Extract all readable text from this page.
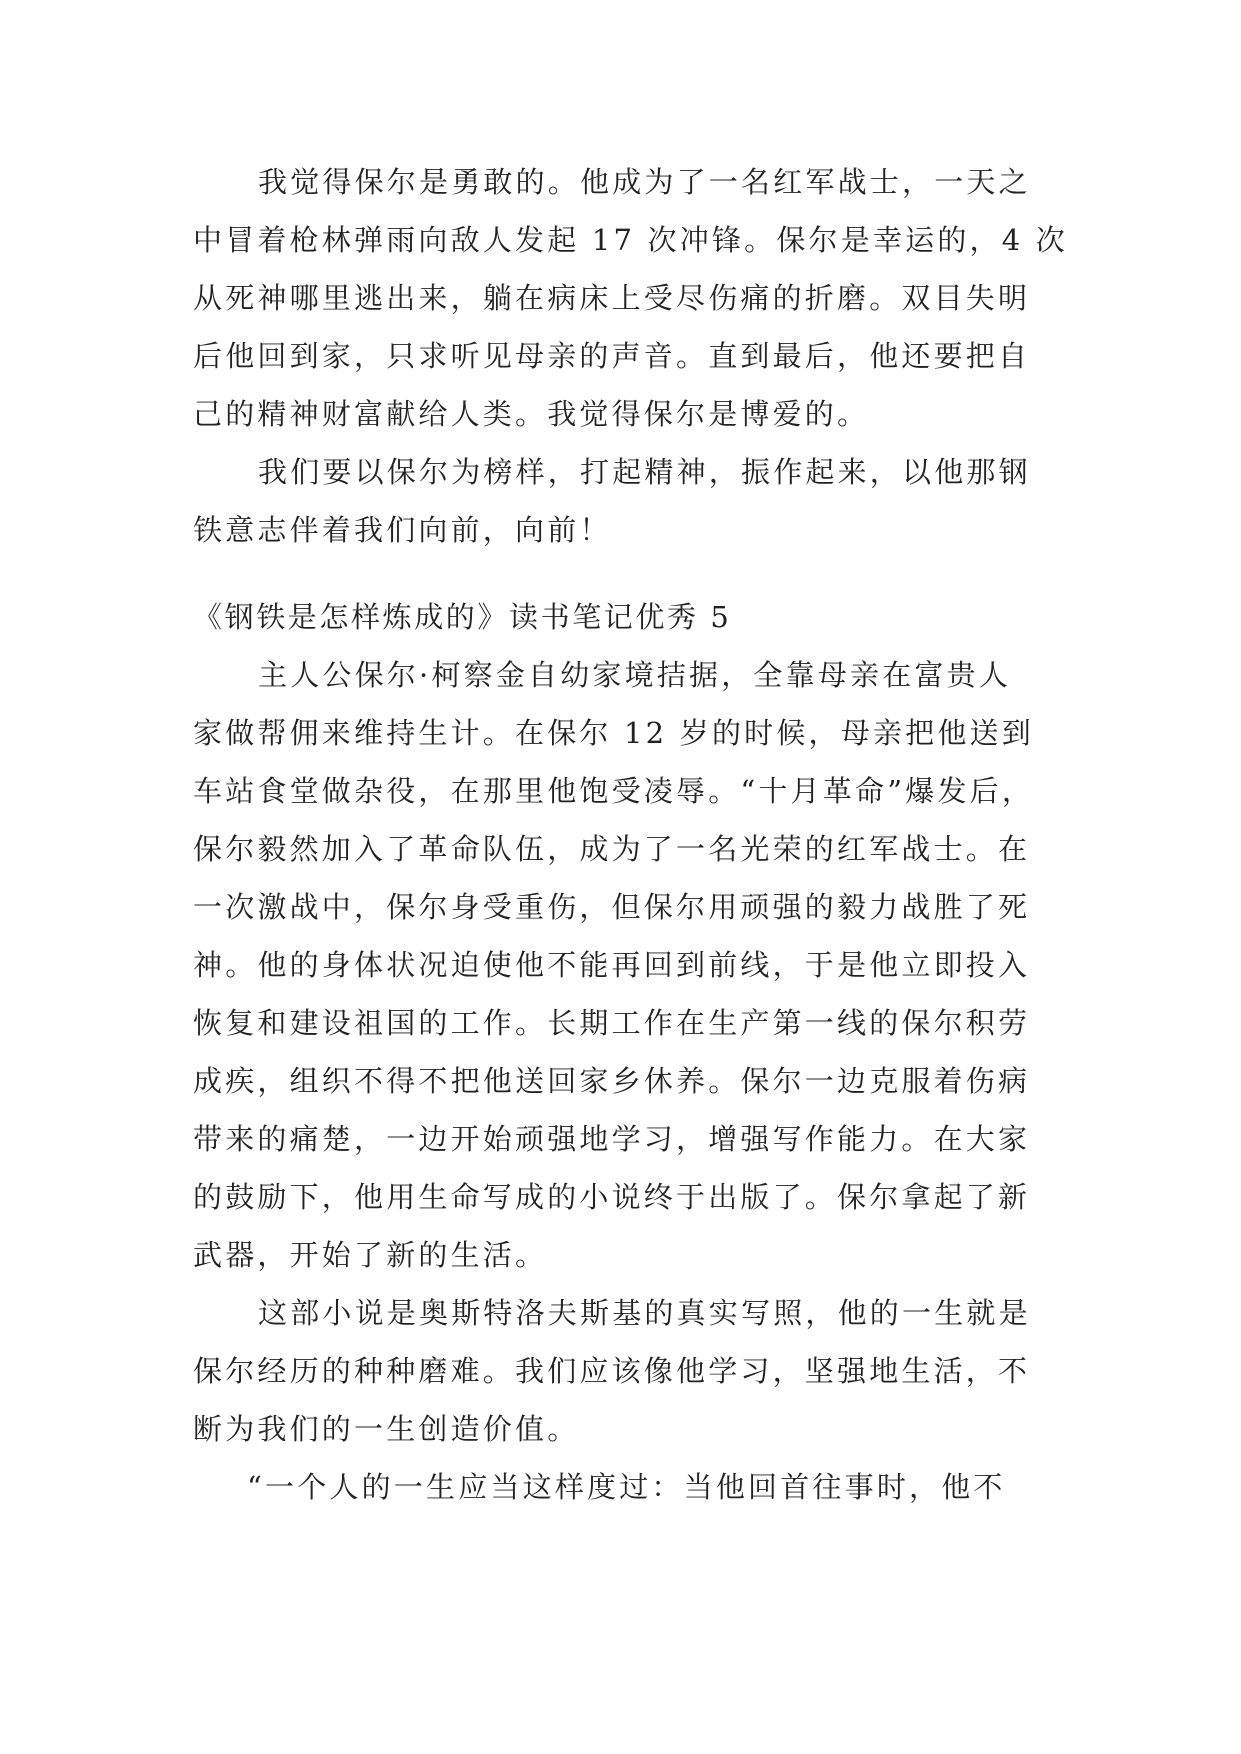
我觉得保尔是勇敢的。他成为了一名红军战士，一天之
中冒着枪林弹雨向敌人发起 17 次冲锋。保尔是幸运的，4 次
从死神哪里逃出来，躺在病床上受尽伤痛的折磨。双目失明
后他回到家，只求听见母亲的声音。直到最后，他还要把自
己的精神财富献给人类。我觉得保尔是博爱的。
我们要以保尔为榜样，打起精神，振作起来，以他那钢
铁意志伴着我们向前，向前！
《钢铁是怎样炼成的》读书笔记优秀 5
主人公保尔·柯察金自幼家境拮据，全靠母亲在富贵人
家做帮佣来维持生计。在保尔 12 岁的时候，母亲把他送到
车站食堂做杂役，在那里他饱受凌辱。“十月革命”爆发后，
保尔毅然加入了革命队伍，成为了一名光荣的红军战士。在
一次激战中，保尔身受重伤，但保尔用顽强的毅力战胜了死
神。他的身体状况迫使他不能再回到前线，于是他立即投入
恢复和建设祖国的工作。长期工作在生产第一线的保尔积劳
成疾，组织不得不把他送回家乡休养。保尔一边克服着伤病
带来的痛楚，一边开始顽强地学习，增强写作能力。在大家
的鼓励下，他用生命写成的小说终于出版了。保尔拿起了新
武器，开始了新的生活。
这部小说是奥斯特洛夫斯基的真实写照，他的一生就是
保尔经历的种种磨难。我们应该像他学习，坚强地生活，不
断为我们的一生创造价值。
“一个人的一生应当这样度过：当他回首往事时，他不
